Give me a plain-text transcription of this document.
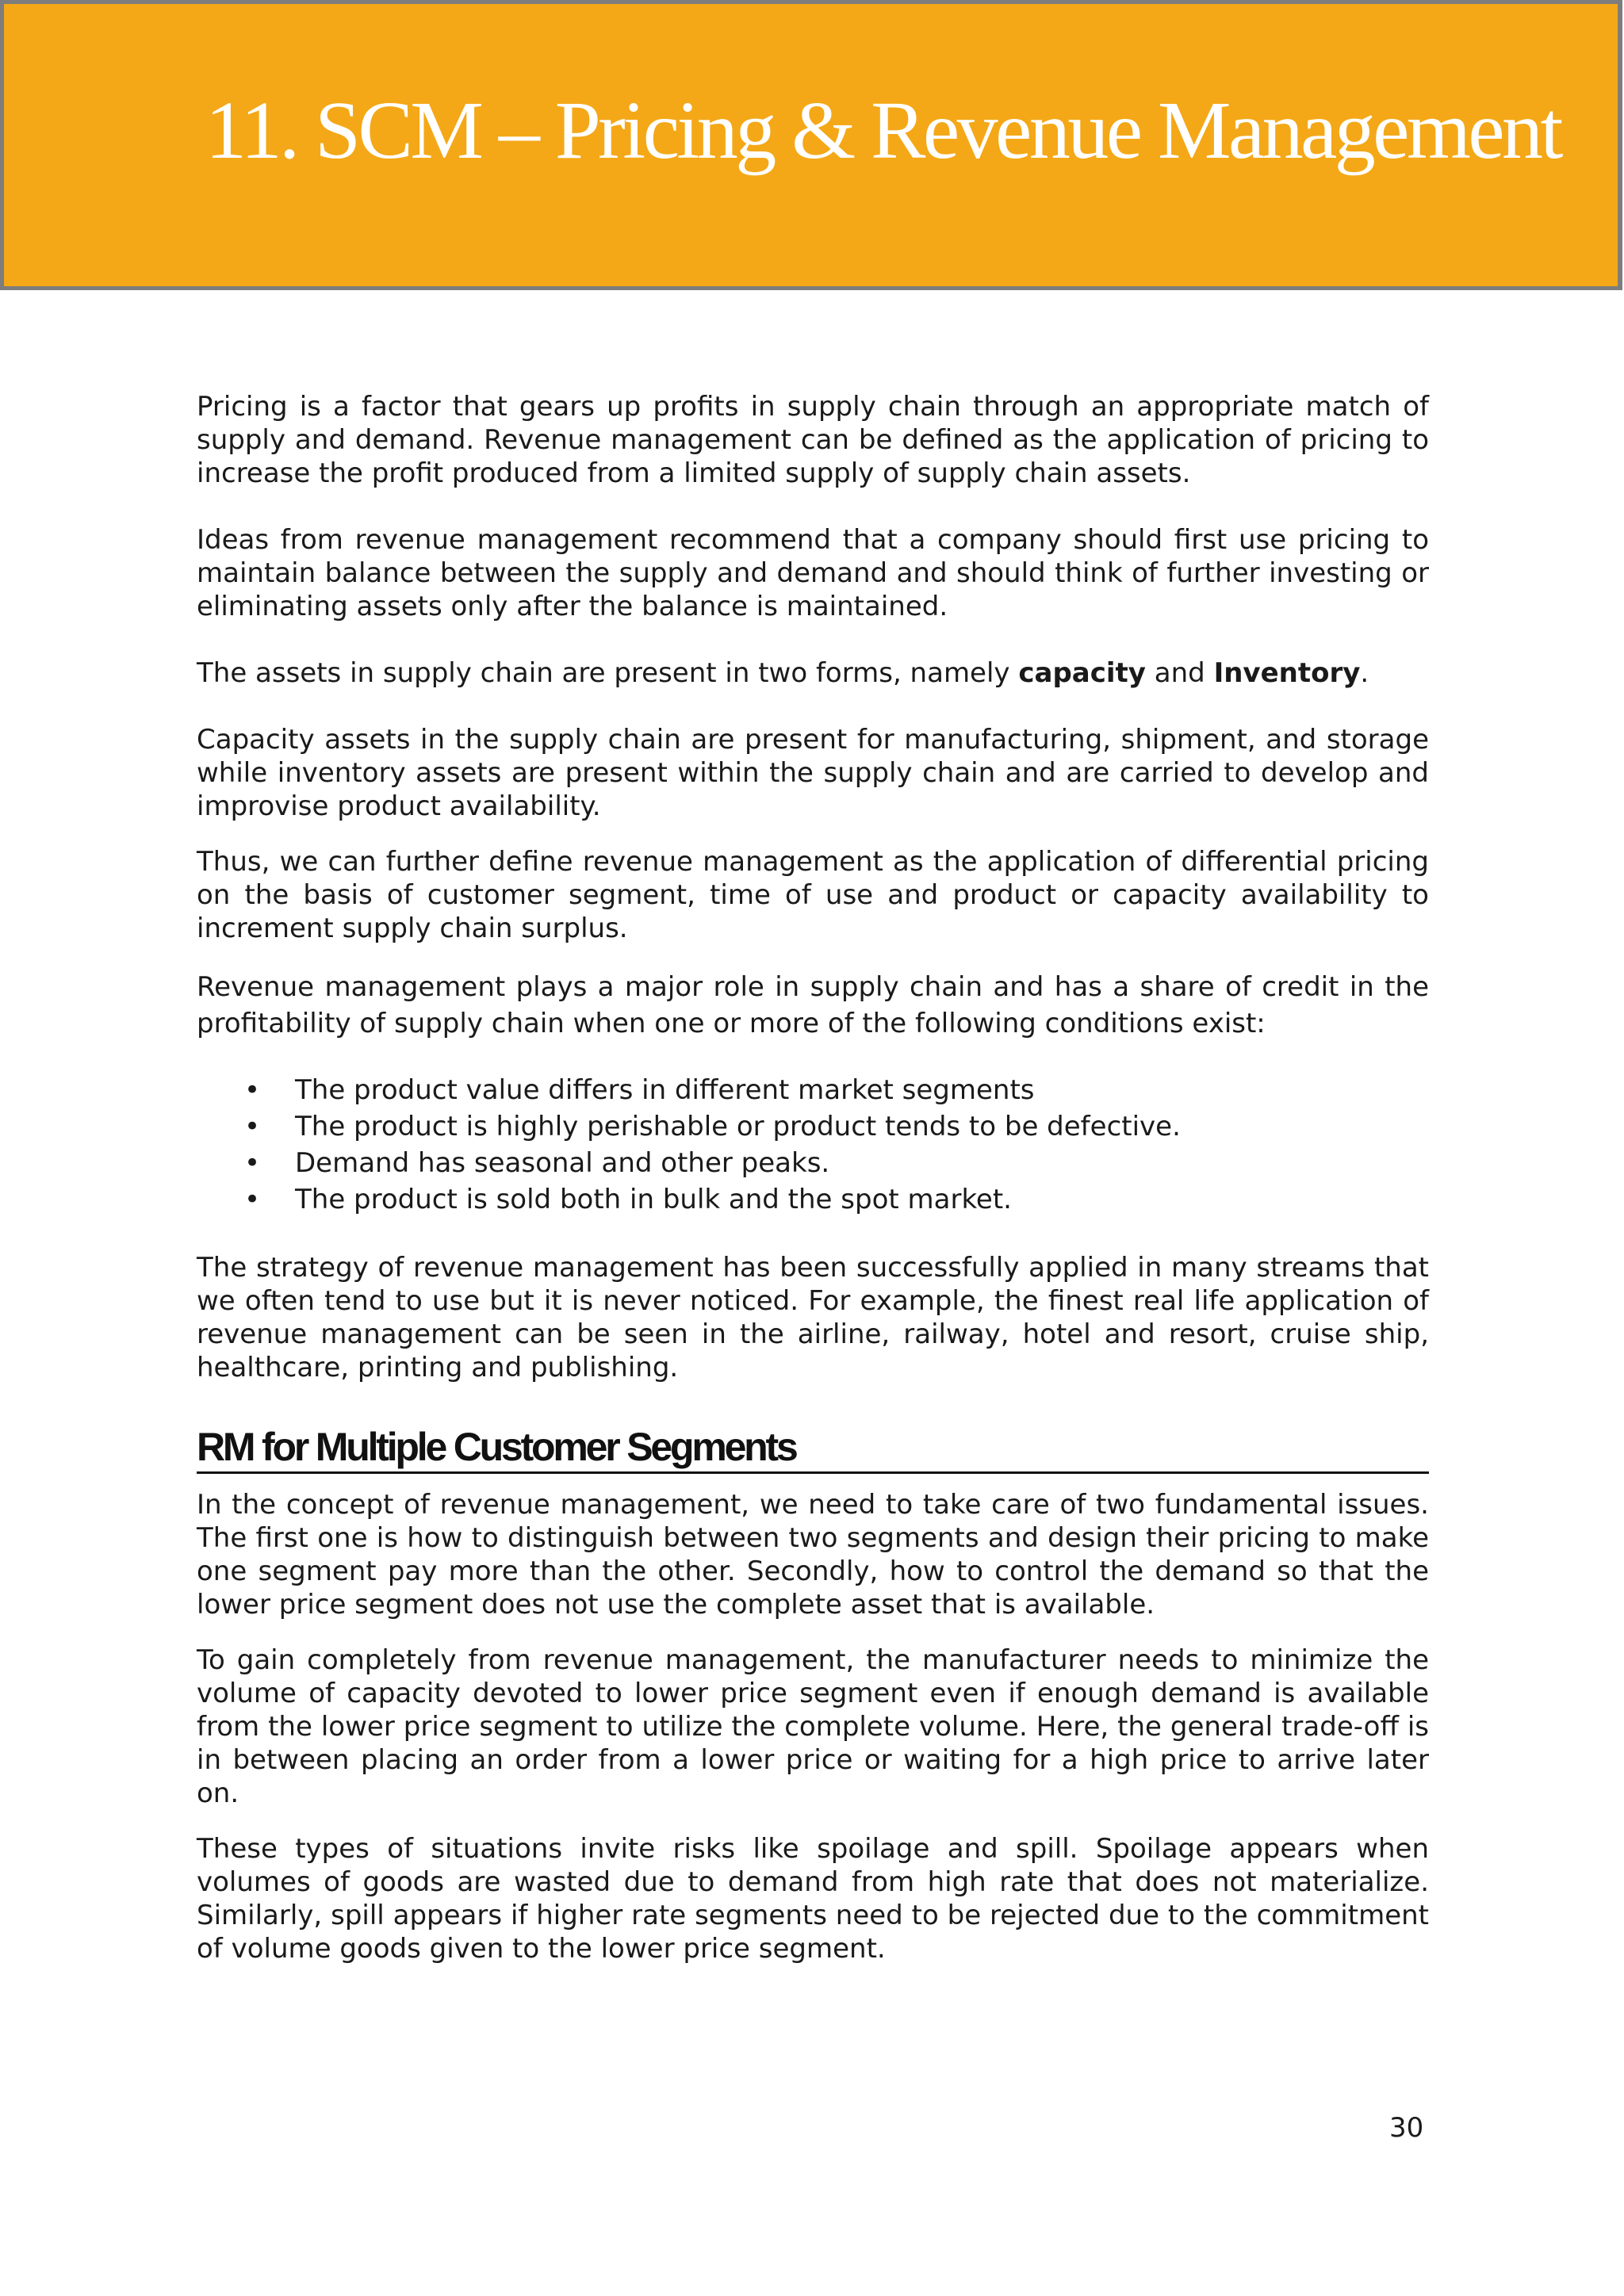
11. SCM – Pricing & Revenue Management

Pricing is a factor that gears up profits in supply chain through an appropriate match of supply and demand. Revenue management can be defined as the application of pricing to increase the profit produced from a limited supply of supply chain assets.

Ideas from revenue management recommend that a company should first use pricing to maintain balance between the supply and demand and should think of further investing or eliminating assets only after the balance is maintained.

The assets in supply chain are present in two forms, namely capacity and Inventory.

Capacity assets in the supply chain are present for manufacturing, shipment, and storage while inventory assets are present within the supply chain and are carried to develop and improvise product availability.

Thus, we can further define revenue management as the application of differential pricing on the basis of customer segment, time of use and product or capacity availability to increment supply chain surplus.

Revenue management plays a major role in supply chain and has a share of credit in the profitability of supply chain when one or more of the following conditions exist:

• The product value differs in different market segments
• The product is highly perishable or product tends to be defective.
• Demand has seasonal and other peaks.
• The product is sold both in bulk and the spot market.

The strategy of revenue management has been successfully applied in many streams that we often tend to use but it is never noticed. For example, the finest real life application of revenue management can be seen in the airline, railway, hotel and resort, cruise ship, healthcare, printing and publishing.

RM for Multiple Customer Segments

In the concept of revenue management, we need to take care of two fundamental issues. The first one is how to distinguish between two segments and design their pricing to make one segment pay more than the other. Secondly, how to control the demand so that the lower price segment does not use the complete asset that is available.

To gain completely from revenue management, the manufacturer needs to minimize the volume of capacity devoted to lower price segment even if enough demand is available from the lower price segment to utilize the complete volume. Here, the general trade-off is in between placing an order from a lower price or waiting for a high price to arrive later on.

These types of situations invite risks like spoilage and spill. Spoilage appears when volumes of goods are wasted due to demand from high rate that does not materialize. Similarly, spill appears if higher rate segments need to be rejected due to the commitment of volume goods given to the lower price segment.

30
